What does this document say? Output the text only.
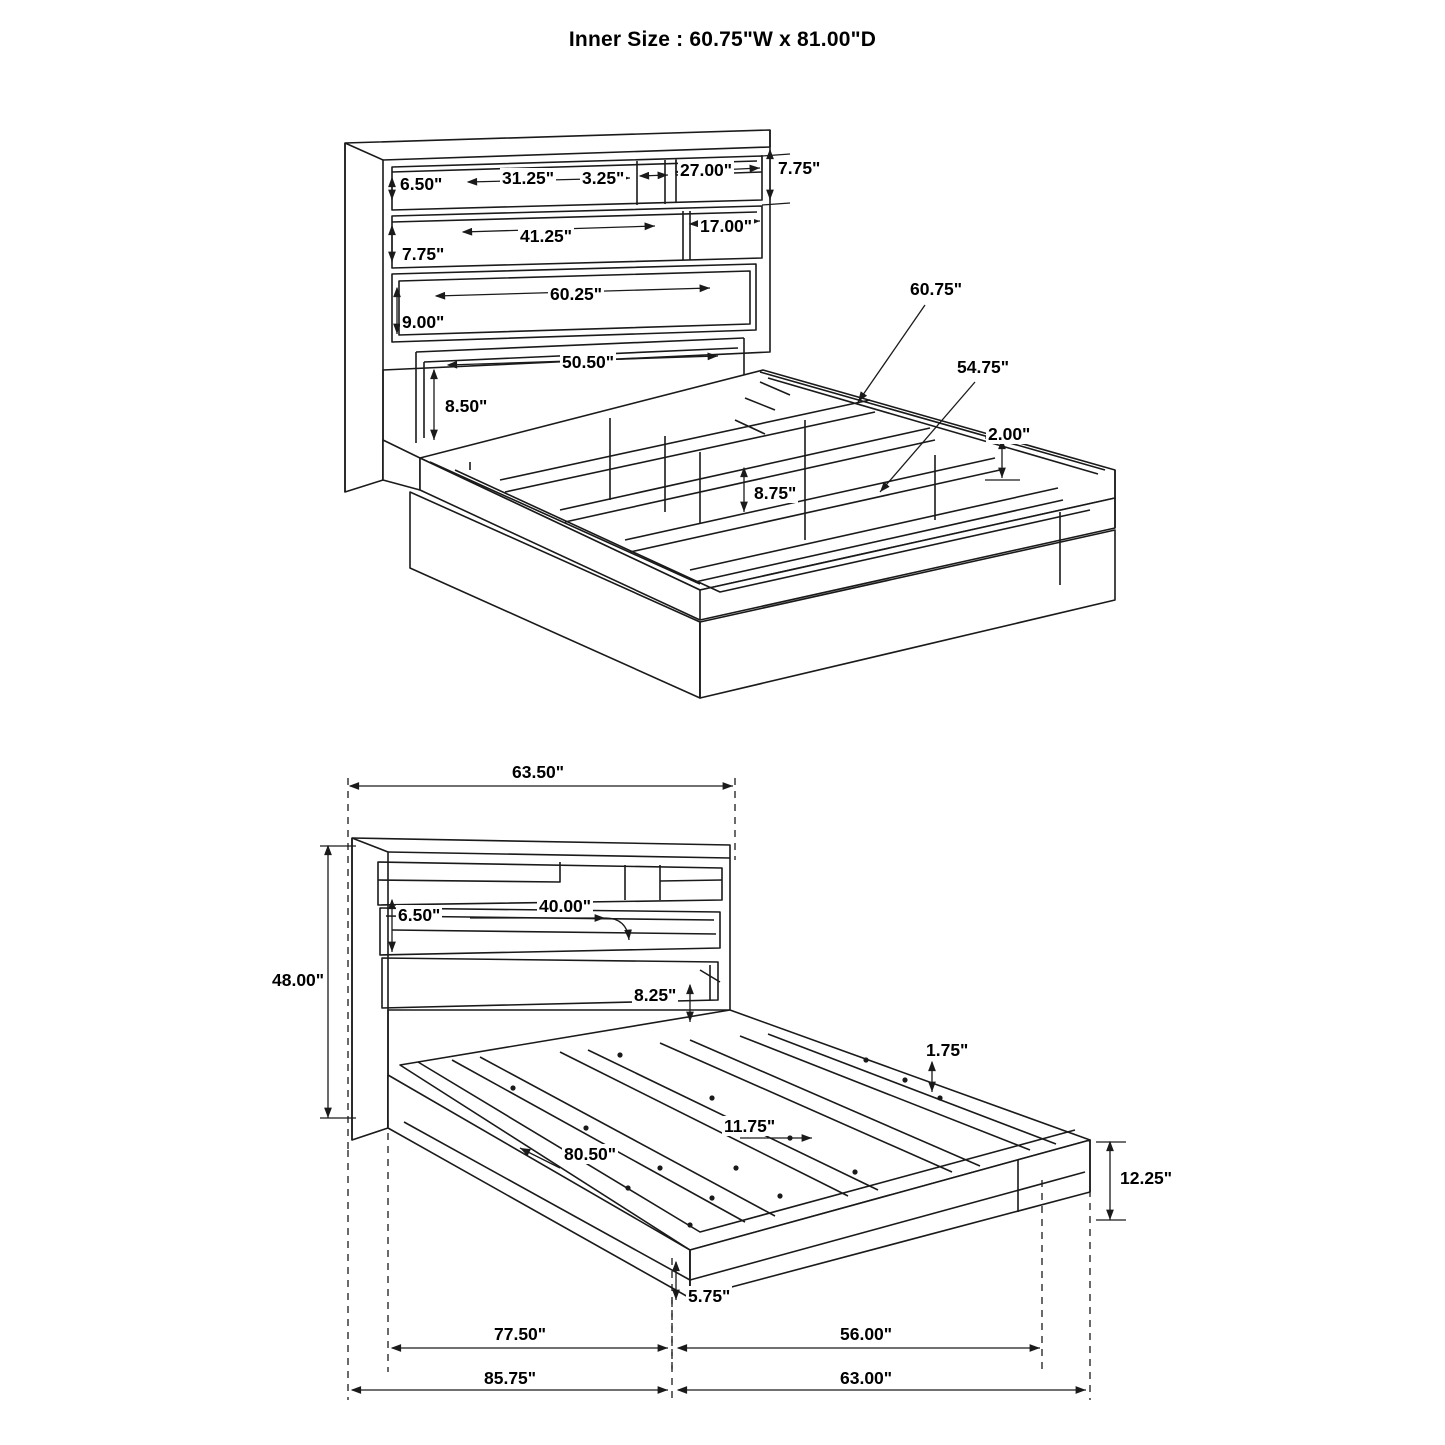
Inner Size : 60.75"W x 81.00"D
6.50"	31.25" 3.25"	27.00"	7.75"
41.25"	17.00"
7.75"
60.25"
9.00"
50.50"
8.50"
60.75"
54.75"
2.00"
8.75"
63.50"
6.50"	40.00"
48.00"
8.25"
1.75"
11.75"
80.50"
12.25"
5.75"
77.50"	56.00"
85.75"	63.00"
